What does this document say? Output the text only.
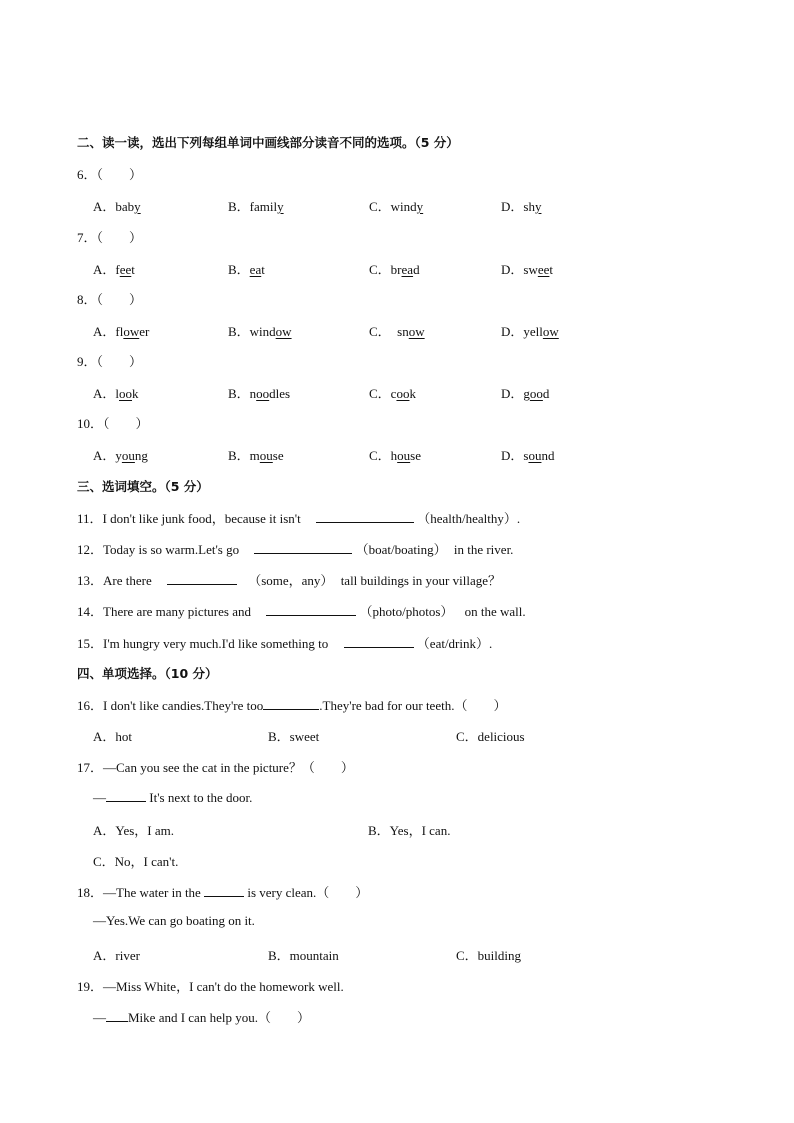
二、读一读，选出下列每组单词中画线部分读音不同的选项。（5 分）
6．（　　）
A．baby	B．family	C．windy	D．shy
7．（　　）
A．feet	B．eat	C．bread	D．sweet
8．（　　）
A．flower	B．window	C．　snow	D．yellow
9．（　　）
A．look	B．noodles	C．cook	D．good
10．（　　）
A．young	B．mouse	C．house	D．sound
三、选词填空。（5 分）
11．I don't like junk food，because it isn't	（health/healthy）.
12．Today is so warm.Let's go	（boat/boating） in the river.
13．Are there	（some，any） tall buildings in your village？
14．There are many pictures and	（photo/photos） on the wall.
15．I'm hungry very much.I'd like something to	（eat/drink）.
四、单项选择。（10 分）
16．I don't like candies.They're too	.They're bad for our teeth.（　　）
A．hot	B．sweet	C．delicious
17．—Can you see the cat in the picture？（　　）
—	It's next to the door.
A．Yes，I am.	B．Yes，I can.
C．No，I can't.
18．—The water in the	is very clean.（　　）
—Yes.We can go boating on it.
A．river	B．mountain	C．building
19．—Miss White，I can't do the homework well.
— Mike and I can help you.（　　）
